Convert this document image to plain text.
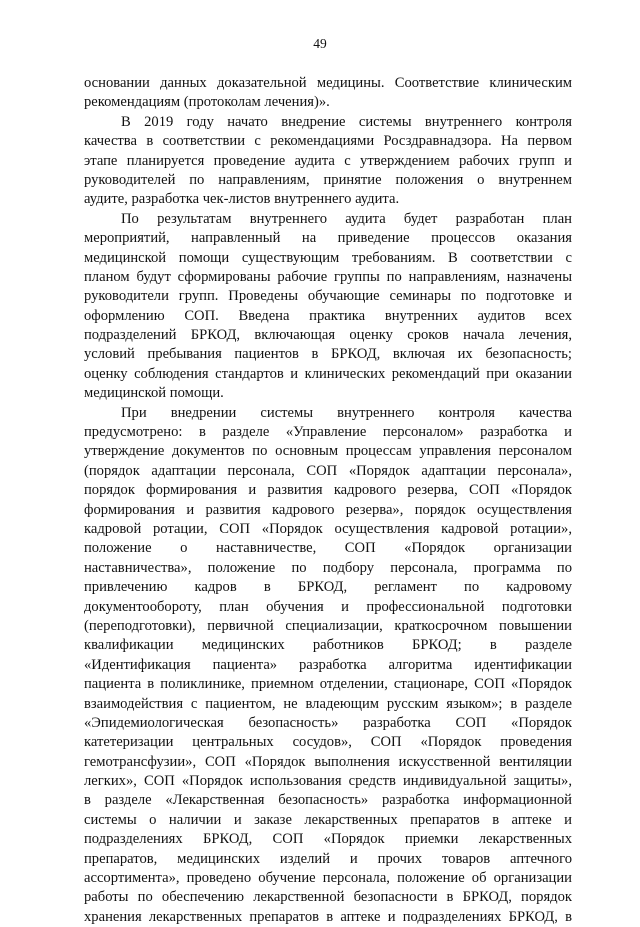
49
основании данных доказательной медицины. Соответствие клиническим
рекомендациям (протоколам лечения)».
В 2019 году начато внедрение системы внутреннего контроля
качества в соответствии с рекомендациями Росздравнадзора. На первом
этапе планируется проведение аудита с утверждением рабочих групп и
руководителей по направлениям, принятие положения о внутреннем
аудите, разработка чек-листов внутреннего аудита.
По результатам внутреннего аудита будет разработан план
мероприятий, направленный на приведение процессов оказания
медицинской помощи существующим требованиям. В соответствии с
планом будут сформированы рабочие группы по направлениям, назначены
руководители групп. Проведены обучающие семинары по подготовке и
оформлению СОП. Введена практика внутренних аудитов всех
подразделений БРКОД, включающая оценку сроков начала лечения,
условий пребывания пациентов в БРКОД, включая их безопасность;
оценку соблюдения стандартов и клинических рекомендаций при оказании
медицинской помощи.
При внедрении системы внутреннего контроля качества
предусмотрено: в разделе «Управление персоналом» разработка и
утверждение документов по основным процессам управления персоналом
(порядок адаптации персонала, СОП «Порядок адаптации персонала»,
порядок формирования и развития кадрового резерва, СОП «Порядок
формирования и развития кадрового резерва», порядок осуществления
кадровой ротации, СОП «Порядок осуществления кадровой ротации»,
положение о наставничестве, СОП «Порядок организации
наставничества», положение по подбору персонала, программа по
привлечению кадров в БРКОД, регламент по кадровому
документообороту, план обучения и профессиональной подготовки
(переподготовки), первичной специализации, краткосрочном повышении
квалификации медицинских работников БРКОД; в разделе
«Идентификация пациента» разработка алгоритма идентификации
пациента в поликлинике, приемном отделении, стационаре, СОП «Порядок
взаимодействия с пациентом, не владеющим русским языком»; в разделе
«Эпидемиологическая безопасность» разработка СОП «Порядок
катетеризации центральных сосудов», СОП «Порядок проведения
гемотрансфузии», СОП «Порядок выполнения искусственной вентиляции
легких», СОП «Порядок использования средств индивидуальной защиты»,
в разделе «Лекарственная безопасность» разработка информационной
системы о наличии и заказе лекарственных препаратов в аптеке и
подразделениях БРКОД, СОП «Порядок приемки лекарственных
препаратов, медицинских изделий и прочих товаров аптечного
ассортимента», проведено обучение персонала, положение об организации
работы по обеспечению лекарственной безопасности в БРКОД, порядок
хранения лекарственных препаратов в аптеке и подразделениях БРКОД, в
